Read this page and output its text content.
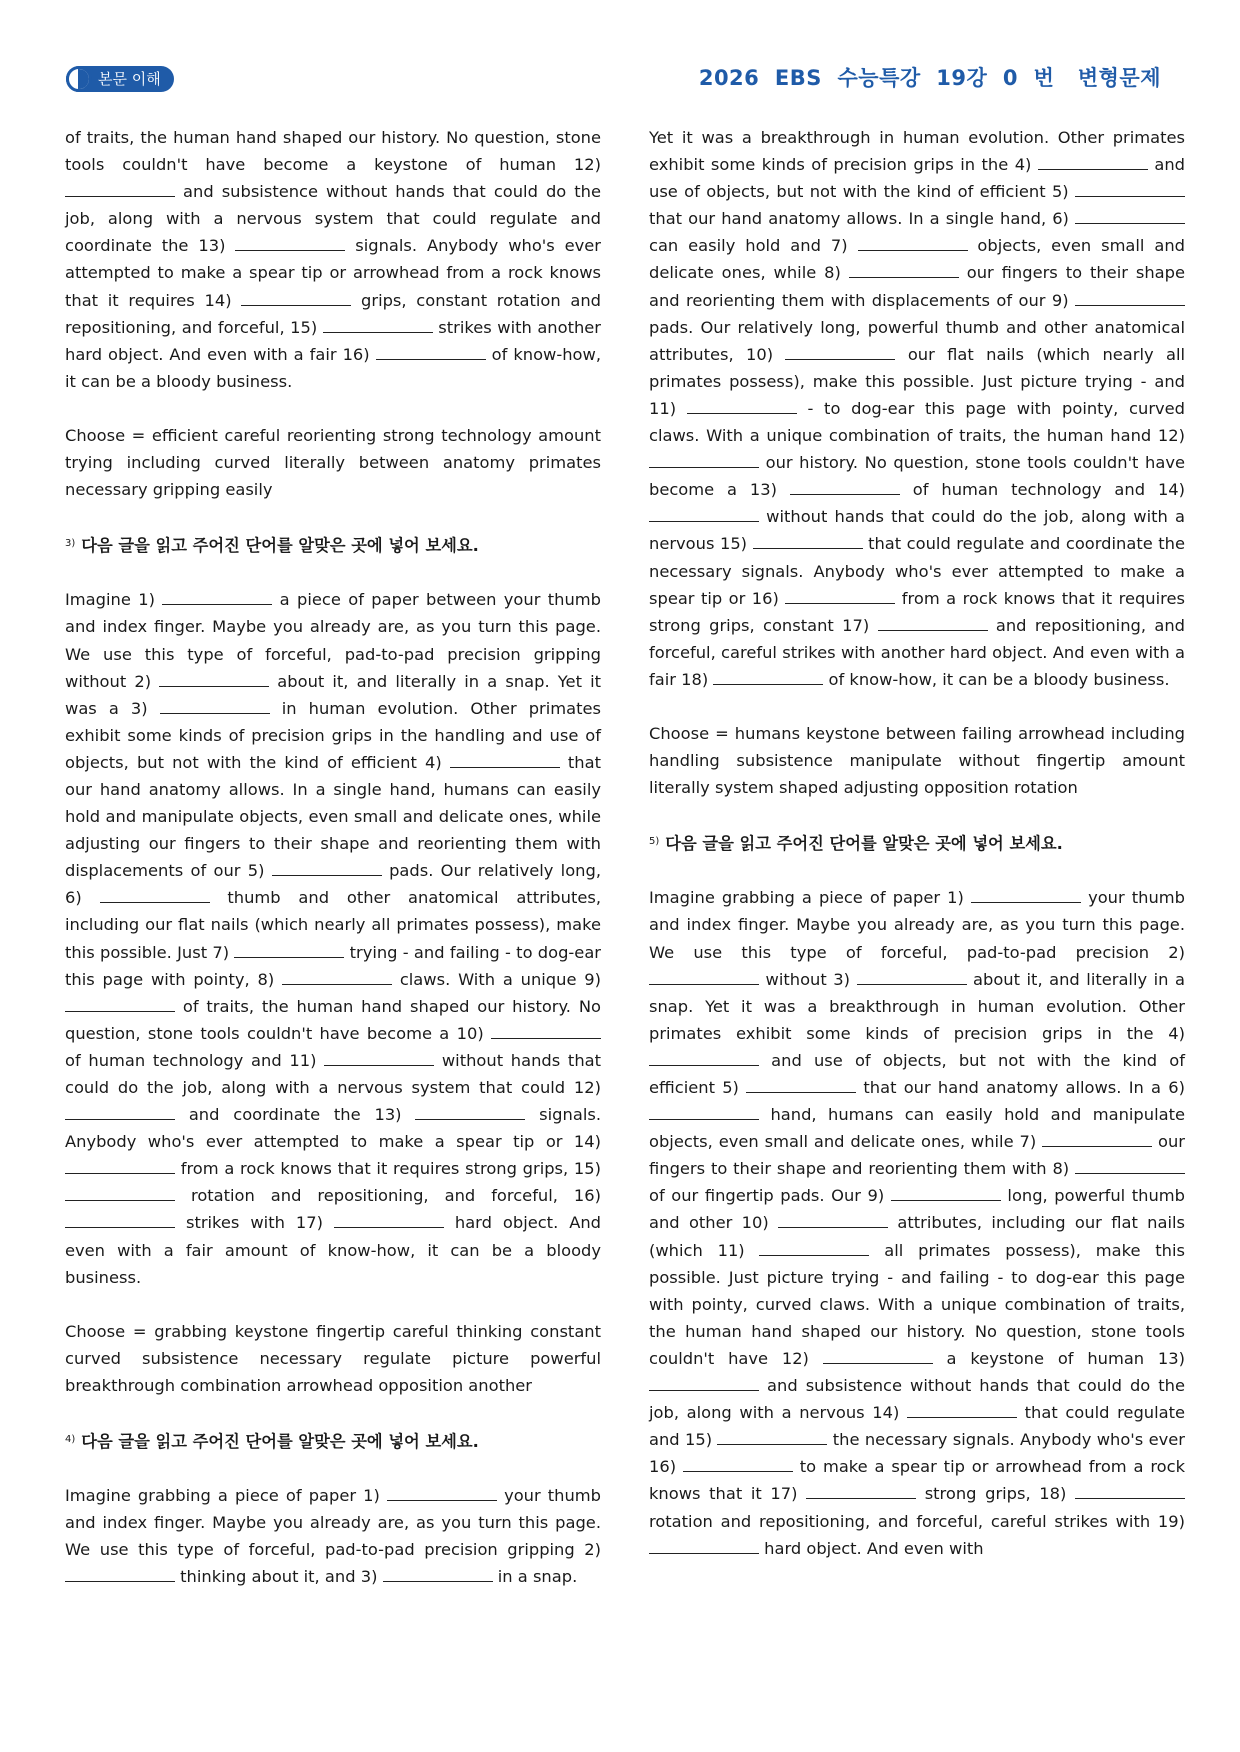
본문 이해	2026  EBS  수능특강  19강  0  번   변형문제

of traits, the human hand shaped our history. No question, stone tools couldn't have become a keystone of human 12)  and subsistence without hands that could do the job, along with a nervous system that could regulate and coordinate the 13)	signals. Anybody who's ever attempted to make a spear tip or arrowhead from a rock knows that it requires 14)	grips, constant rotation and repositioning, and forceful, 15)	strikes with another hard object. And even with a fair 16)	of know-how, it can be a bloody business.

Choose = efficient careful reorienting strong technology amount trying including curved literally between anatomy primates necessary gripping easily

$^{3)}$ 다음 글을 읽고 주어진 단어를 알맞은 곳에 넣어 보세요.

Imagine 1)	a piece of paper between your thumb and index finger. Maybe you already are, as you turn this page. We use this type of forceful, pad-to-pad precision gripping without 2)	about it, and literally in a snap. Yet it was a 3)	in human evolution. Other primates exhibit some kinds of precision grips in the handling and use of objects, but not with the kind of efficient 4)	that our hand anatomy allows. In a single hand, humans can easily hold and manipulate objects, even small and delicate ones, while adjusting our fingers to their shape and reorienting them with displacements of our 5)	pads. Our relatively long, 6)	thumb and other anatomical attributes, including our flat nails (which nearly all primates possess), make this possible. Just 7)	trying - and failing - to dog-ear this page with pointy, 8)	claws. With a unique 9)  of traits, the human hand shaped our history. No question, stone tools couldn't have become a 10)  of human technology and 11)	without hands that could do the job, along with a nervous system that could 12)  and coordinate the 13)	signals. Anybody who's ever attempted to make a spear tip or 14)  from a rock knows that it requires strong grips, 15)  rotation and repositioning, and forceful, 16)  strikes with 17)	hard object. And even with a fair amount of know-how, it can be a bloody business.

Choose = grabbing keystone fingertip careful thinking constant curved subsistence necessary regulate picture powerful breakthrough combination arrowhead opposition another

$^{4)}$ 다음 글을 읽고 주어진 단어를 알맞은 곳에 넣어 보세요.

Imagine grabbing a piece of paper 1)	your thumb and index finger. Maybe you already are, as you turn this page. We use this type of forceful, pad-to-pad precision gripping 2)  thinking about it, and 3)	in a snap.

Yet it was a breakthrough in human evolution. Other primates exhibit some kinds of precision grips in the 4)	and use of objects, but not with the kind of efficient 5)  that our hand anatomy allows. In a single hand, 6)  can easily hold and 7)	objects, even small and delicate ones, while 8)	our fingers to their shape and reorienting them with displacements of our 9)  pads. Our relatively long, powerful thumb and other anatomical attributes, 10)	our flat nails (which nearly all primates possess), make this possible. Just picture trying - and 11)	- to dog-ear this page with pointy, curved claws. With a unique combination of traits, the human hand 12)  our history. No question, stone tools couldn't have become a 13)	of human technology and 14)  without hands that could do the job, along with a nervous 15)	that could regulate and coordinate the necessary signals. Anybody who's ever attempted to make a spear tip or 16)	from a rock knows that it requires strong grips, constant 17)	and repositioning, and forceful, careful strikes with another hard object. And even with a fair 18)	of know-how, it can be a bloody business.

Choose = humans keystone between failing arrowhead including handling subsistence manipulate without fingertip amount literally system shaped adjusting opposition rotation

$^{5)}$ 다음 글을 읽고 주어진 단어를 알맞은 곳에 넣어 보세요.

Imagine grabbing a piece of paper 1)	your thumb and index finger. Maybe you already are, as you turn this page. We use this type of forceful, pad-to-pad precision 2)  without 3)	about it, and literally in a snap. Yet it was a breakthrough in human evolution. Other primates exhibit some kinds of precision grips in the 4)  and use of objects, but not with the kind of efficient 5)	that our hand anatomy allows. In a 6)  hand, humans can easily hold and manipulate objects, even small and delicate ones, while 7)	our fingers to their shape and reorienting them with 8)  of our fingertip pads. Our 9)	long, powerful thumb and other 10)	attributes, including our flat nails (which 11)	all primates possess), make this possible. Just picture trying - and failing - to dog-ear this page with pointy, curved claws. With a unique combination of traits, the human hand shaped our history. No question, stone tools couldn't have 12)	a keystone of human 13)  and subsistence without hands that could do the job, along with a nervous 14)	that could regulate and 15)	the necessary signals. Anybody who's ever 16)	to make a spear tip or arrowhead from a rock knows that it 17)	strong grips, 18)  rotation and repositioning, and forceful, careful strikes with 19)  hard object. And even with
